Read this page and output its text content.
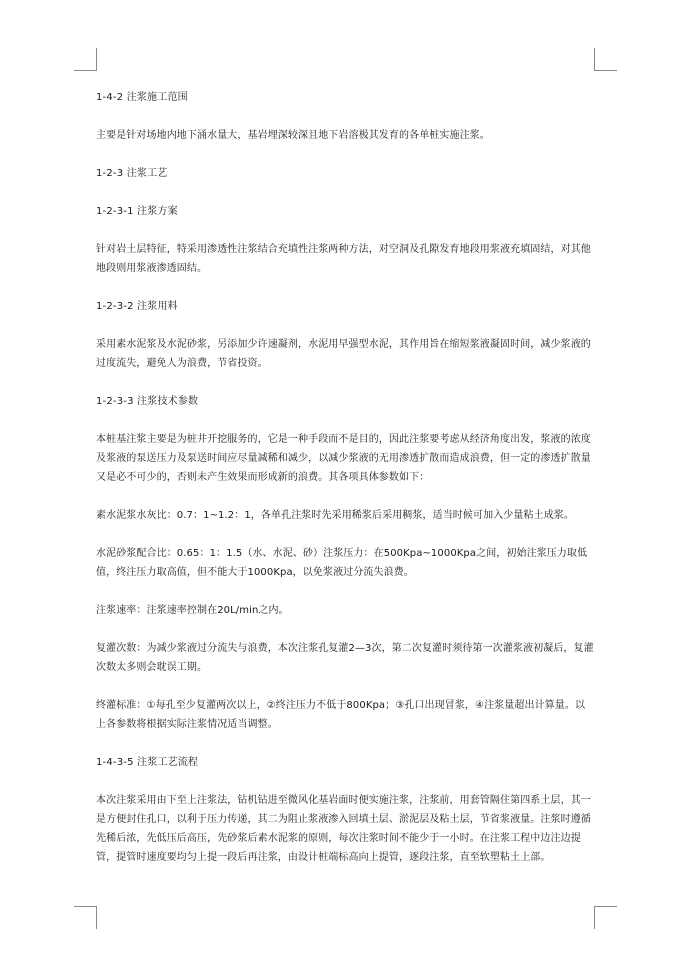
1-4-2 注浆施工范围

主要是针对场地内地下涌水量大，基岩埋深较深且地下岩溶极其发育的各单桩实施注浆。

1-2-3 注浆工艺

1-2-3-1 注浆方案

针对岩土层特征，特采用渗透性注浆结合充填性注浆两种方法，对空洞及孔隙发育地段用浆液充填固结，对其他地段则用浆液渗透固结。

1-2-3-2 注浆用料

采用素水泥浆及水泥砂浆，另添加少许速凝剂，水泥用早强型水泥，其作用旨在缩短浆液凝固时间，减少浆液的过度流失，避免人为浪费，节省投资。

1-2-3-3 注浆技术参数

本桩基注浆主要是为桩井开挖服务的，它是一种手段而不是目的，因此注浆要考虑从经济角度出发，浆液的浓度及浆液的泵送压力及泵送时间应尽量减稀和减少，以减少浆液的无用渗透扩散而造成浪费，但一定的渗透扩散量又是必不可少的，否则未产生效果而形成新的浪费。其各项具体参数如下：

素水泥浆水灰比：0.7：1~1.2：1，各单孔注浆时先采用稀浆后采用稠浆，适当时候可加入少量粘土成浆。

水泥砂浆配合比：0.65：1：1.5（水、水泥、砂）注浆压力：在500Kpa~1000Kpa之间，初始注浆压力取低值，终注压力取高值，但不能大于1000Kpa，以免浆液过分流失浪费。

注浆速率：注浆速率控制在20L/min之内。

复灌次数：为减少浆液过分流失与浪费，本次注浆孔复灌2—3次，第二次复灌时须待第一次灌浆液初凝后，复灌次数太多则会耽误工期。

终灌标准：①每孔至少复灌两次以上，②终注压力不低于800Kpa；③孔口出现冒浆，④注浆量超出计算量。以上各参数将根据实际注浆情况适当调整。

1-4-3-5 注浆工艺流程

本次注浆采用由下至上注浆法，钻机钻进至微风化基岩面时便实施注浆，注浆前，用套管隔住第四系土层，其一是方便封住孔口，以利于压力传递，其二为阻止浆液渗入回填土层、淤泥层及粘土层，节省浆液量。注浆时遵循先稀后浓，先低压后高压，先砂浆后素水泥浆的原则，每次注浆时间不能少于一小时。在注浆工程中边注边提管，提管时速度要均匀上提一段后再注浆，由设计桩端标高向上提管，逐段注浆，直至软塑粘土上部。
